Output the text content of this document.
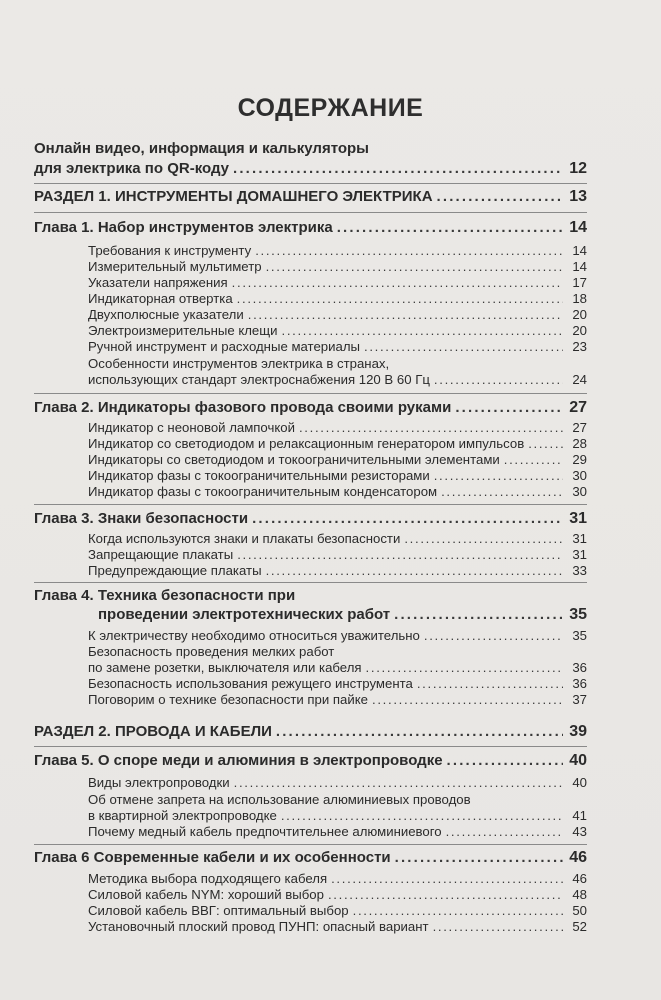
СОДЕРЖАНИЕ
Онлайн видео, информация и калькуляторы
для электрика по QR-коду . . .	12
РАЗДЕЛ 1. ИНСТРУМЕНТЫ ДОМАШНЕГО ЭЛЕКТРИКА . . .	13
Глава 1. Набор инструментов электрика . . .	14
Требования к инструменту . . .	14
Измерительный мультиметр . . .	14
Указатели напряжения . . .	17
Индикаторная отвертка . . .	18
Двухполюсные указатели . . .	20
Электроизмерительные клещи . . .	20
Ручной инструмент и расходные материалы . . .	23
Особенности инструментов электрика в странах,
использующих стандарт электроснабжения 120 В 60 Гц . . .	24
Глава 2. Индикаторы фазового провода своими руками . . .	27
Индикатор с неоновой лампочкой . . .	27
Индикатор со светодиодом и релаксационным генератором импульсов . . .	28
Индикаторы со светодиодом и токоограничительными элементами . . .	29
Индикатор фазы с токоограничительными резисторами . . .	30
Индикатор фазы с токоограничительным конденсатором . . .	30
Глава 3. Знаки безопасности . . .	31
Когда используются знаки и плакаты безопасности . . .	31
Запрещающие плакаты . . .	31
Предупреждающие плакаты . . .	33
Глава 4. Техника безопасности при
проведении электротехнических работ . . .	35
К электричеству необходимо относиться уважительно . . .	35
Безопасность проведения мелких работ
по замене розетки, выключателя или кабеля . . .	36
Безопасность использования режущего инструмента . . .	36
Поговорим о технике безопасности при пайке . . .	37
РАЗДЕЛ 2. ПРОВОДА И КАБЕЛИ . . .	39
Глава 5. О споре меди и алюминия в электропроводке . . .	40
Виды электропроводки . . .	40
Об отмене запрета на использование алюминиевых проводов
в квартирной электропроводке . . .	41
Почему медный кабель предпочтительнее алюминиевого . . .	43
Глава 6 Современные кабели и их особенности . . .	46
Методика выбора подходящего кабеля . . .	46
Силовой кабель NYM: хороший выбор . . .	48
Силовой кабель ВВГ: оптимальный выбор . . .	50
Установочный плоский провод ПУНП: опасный вариант . . .	52
